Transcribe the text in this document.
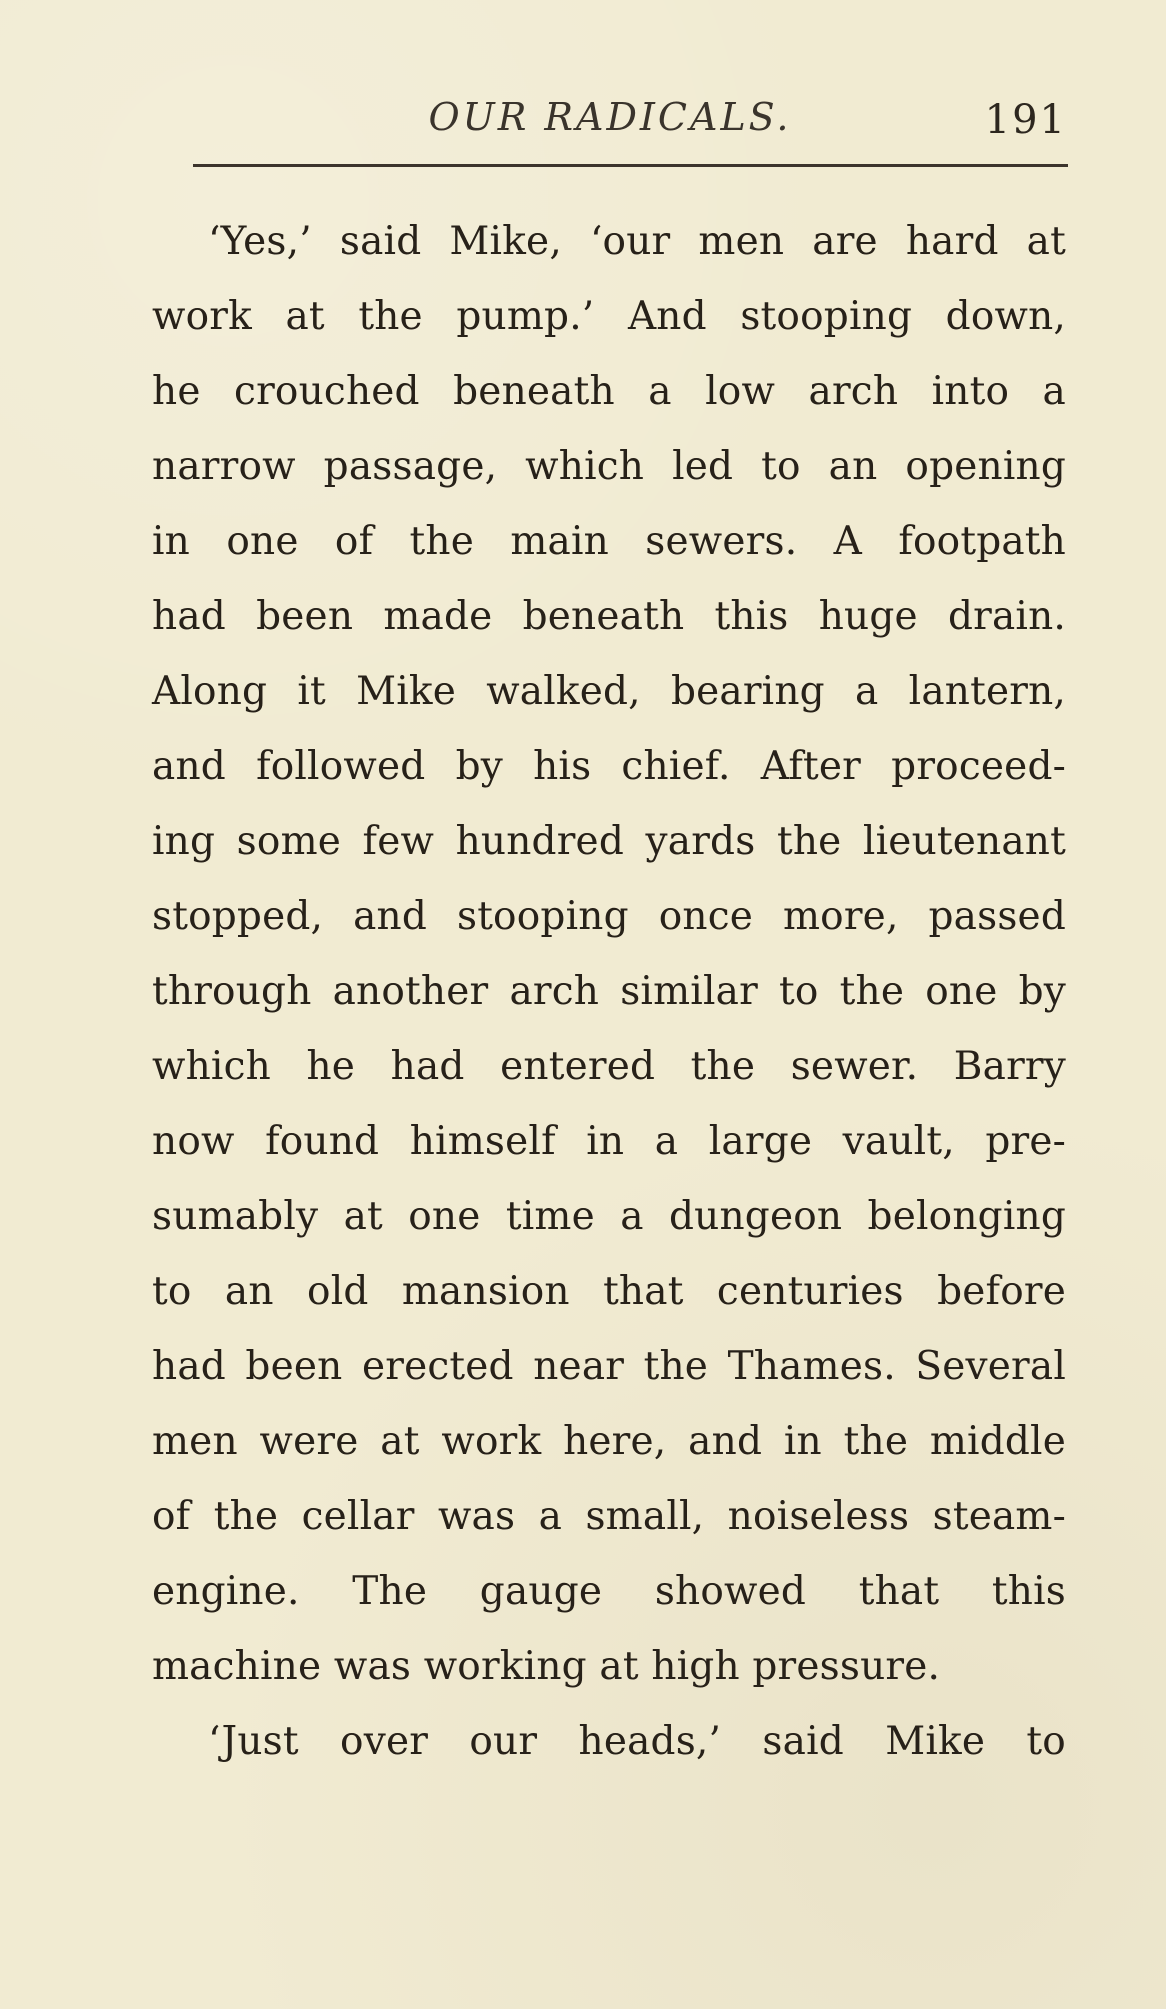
OUR RADICALS.	191
‘Yes,’ said Mike, ‘our men are hard at
work at the pump.’ And stooping down,
he crouched beneath a low arch into a
narrow passage, which led to an opening
in one of the main sewers. A footpath
had been made beneath this huge drain.
Along it Mike walked, bearing a lantern,
and followed by his chief. After proceed-
ing some few hundred yards the lieutenant
stopped, and stooping once more, passed
through another arch similar to the one by
which he had entered the sewer. Barry
now found himself in a large vault, pre-
sumably at one time a dungeon belonging
to an old mansion that centuries before
had been erected near the Thames. Several
men were at work here, and in the middle
of the cellar was a small, noiseless steam-
engine. The gauge showed that this
machine was working at high pressure.
‘Just over our heads,’ said Mike to
